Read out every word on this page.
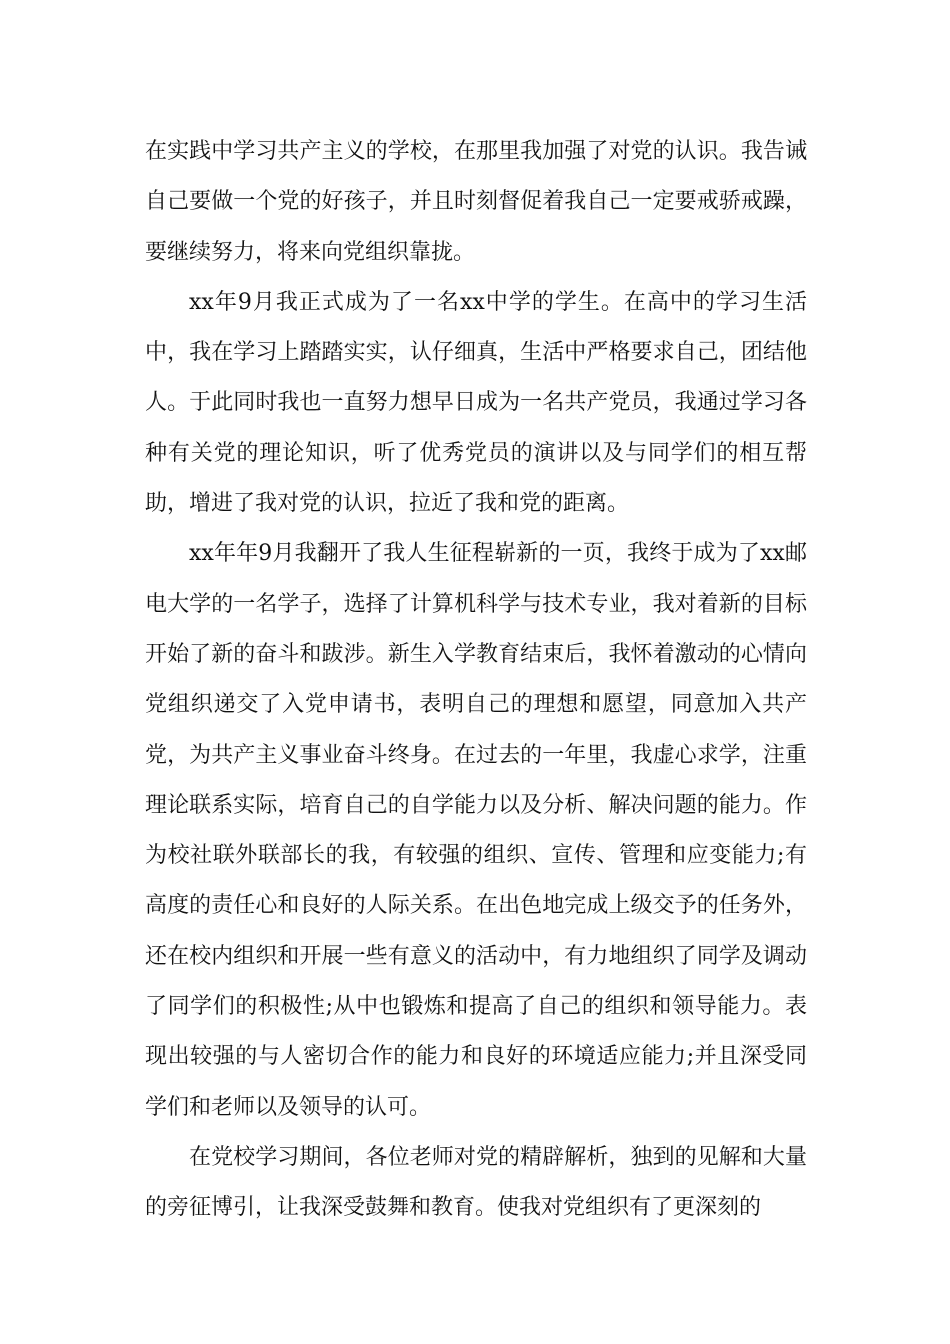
在实践中学习共产主义的学校，在那里我加强了对党的认识。我告诫自己要做一个党的好孩子，并且时刻督促着我自己一定要戒骄戒躁，要继续努力，将来向党组织靠拢。

xx年9月我正式成为了一名xx中学的学生。在高中的学习生活中，我在学习上踏踏实实，认仔细真，生活中严格要求自己，团结他人。于此同时我也一直努力想早日成为一名共产党员，我通过学习各种有关党的理论知识，听了优秀党员的演讲以及与同学们的相互帮助，增进了我对党的认识，拉近了我和党的距离。

xx年年9月我翻开了我人生征程崭新的一页，我终于成为了xx邮电大学的一名学子，选择了计算机科学与技术专业，我对着新的目标开始了新的奋斗和跋涉。新生入学教育结束后，我怀着激动的心情向党组织递交了入党申请书，表明自己的理想和愿望，同意加入共产党，为共产主义事业奋斗终身。在过去的一年里，我虚心求学，注重理论联系实际，培育自己的自学能力以及分析、解决问题的能力。作为校社联外联部长的我，有较强的组织、宣传、管理和应变能力;有高度的责任心和良好的人际关系。在出色地完成上级交予的任务外，还在校内组织和开展一些有意义的活动中，有力地组织了同学及调动了同学们的积极性;从中也锻炼和提高了自己的组织和领导能力。表现出较强的与人密切合作的能力和良好的环境适应能力;并且深受同学们和老师以及领导的认可。

在党校学习期间，各位老师对党的精辟解析，独到的见解和大量的旁征博引，让我深受鼓舞和教育。使我对党组织有了更深刻的
